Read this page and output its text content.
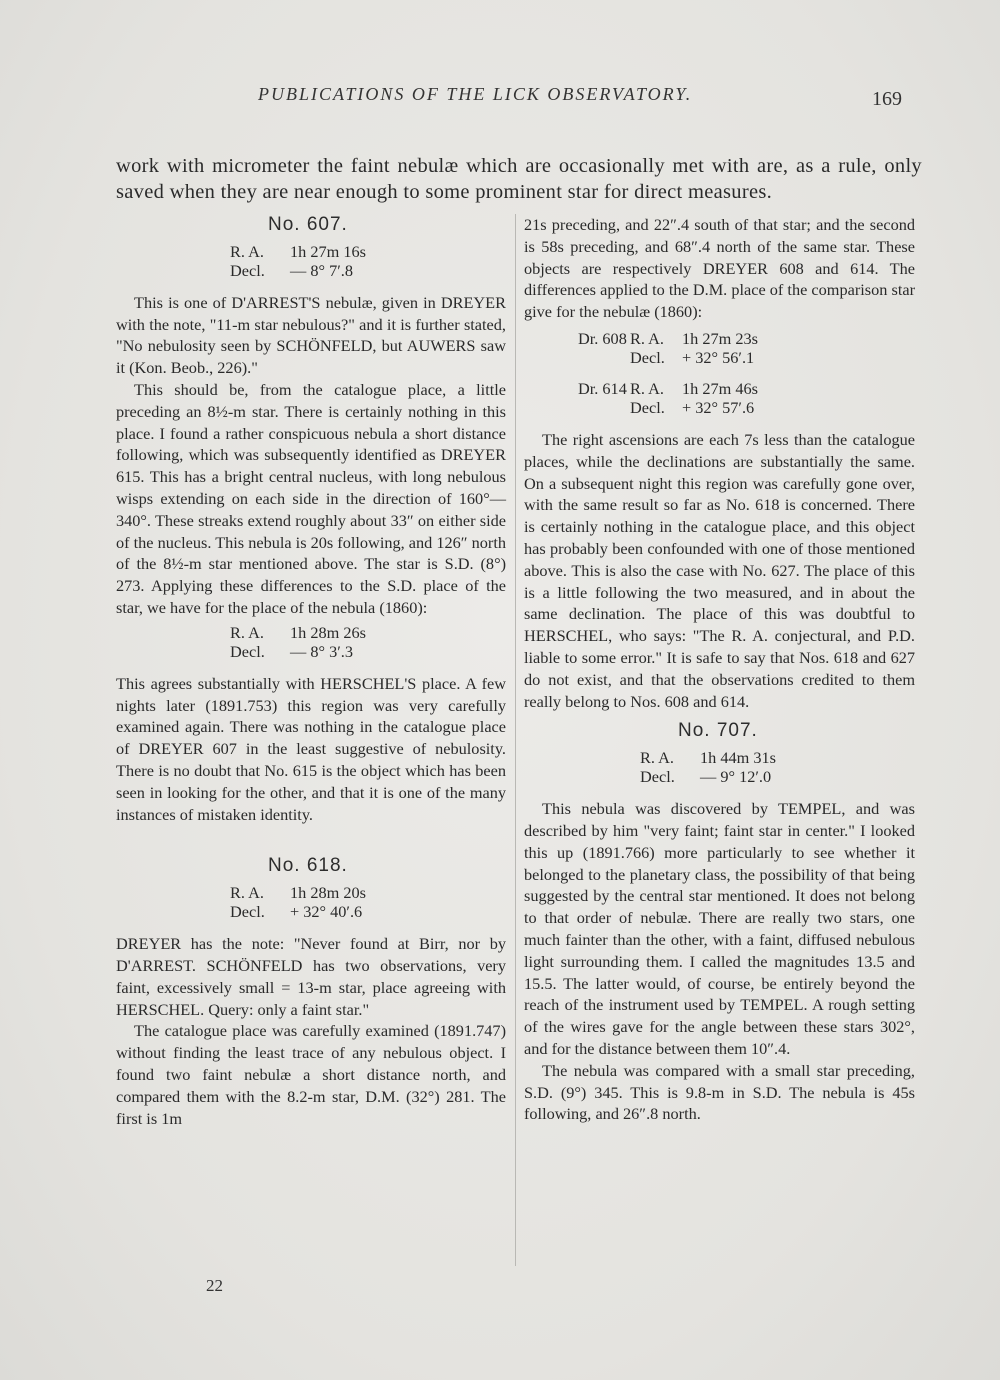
PUBLICATIONS OF THE LICK OBSERVATORY.	169

work with micrometer the faint nebulæ which are occasionally met with are, as a rule, only saved when they are near enough to some prominent star for direct measures.

No. 607.
R. A.	1h 27m 16s
Decl.	— 8° 7′.8

This is one of D'ARREST'S nebulæ, given in DREYER with the note, "11-m star nebulous?" and it is further stated, "No nebulosity seen by SCHÖNFELD, but AUWERS saw it (Kon. Beob., 226)."

This should be, from the catalogue place, a little preceding an 8½-m star. There is certainly nothing in this place. I found a rather conspicuous nebula a short distance following, which was subsequently identified as DREYER 615. This has a bright central nucleus, with long nebulous wisps extending on each side in the direction of 160°—340°. These streaks extend roughly about 33″ on either side of the nucleus. This nebula is 20s following, and 126″ north of the 8½-m star mentioned above. The star is S.D. (8°) 273. Applying these differences to the S.D. place of the star, we have for the place of the nebula (1860):

R. A.	1h 28m 26s
Decl.	— 8° 3′.3

This agrees substantially with HERSCHEL'S place. A few nights later (1891.753) this region was very carefully examined again. There was nothing in the catalogue place of DREYER 607 in the least suggestive of nebulosity. There is no doubt that No. 615 is the object which has been seen in looking for the other, and that it is one of the many instances of mistaken identity.

No. 618.
R. A.	1h 28m 20s
Decl.	+ 32° 40′.6

DREYER has the note: "Never found at Birr, nor by D'ARREST. SCHÖNFELD has two observations, very faint, excessively small = 13-m star, place agreeing with HERSCHEL. Query: only a faint star."

The catalogue place was carefully examined (1891.747) without finding the least trace of any nebulous object. I found two faint nebulæ a short distance north, and compared them with the 8.2-m star, D.M. (32°) 281. The first is 1m

21s preceding, and 22″.4 south of that star; and the second is 58s preceding, and 68″.4 north of the same star. These objects are respectively DREYER 608 and 614. The differences applied to the D.M. place of the comparison star give for the nebulæ (1860):

Dr. 608 R. A.	1h 27m 23s
Decl.	+ 32° 56′.1
Dr. 614 R. A.	1h 27m 46s
Decl.	+ 32° 57′.6

The right ascensions are each 7s less than the catalogue places, while the declinations are substantially the same. On a subsequent night this region was carefully gone over, with the same result so far as No. 618 is concerned. There is certainly nothing in the catalogue place, and this object has probably been confounded with one of those mentioned above. This is also the case with No. 627. The place of this is a little following the two measured, and in about the same declination. The place of this was doubtful to HERSCHEL, who says: "The R. A. conjectural, and P.D. liable to some error." It is safe to say that Nos. 618 and 627 do not exist, and that the observations credited to them really belong to Nos. 608 and 614.

No. 707.
R. A.	1h 44m 31s
Decl.	— 9° 12′.0

This nebula was discovered by TEMPEL, and was described by him "very faint; faint star in center." I looked this up (1891.766) more particularly to see whether it belonged to the planetary class, the possibility of that being suggested by the central star mentioned. It does not belong to that order of nebulæ. There are really two stars, one much fainter than the other, with a faint, diffused nebulous light surrounding them. I called the magnitudes 13.5 and 15.5. The latter would, of course, be entirely beyond the reach of the instrument used by TEMPEL. A rough setting of the wires gave for the angle between these stars 302°, and for the distance between them 10″.4.

The nebula was compared with a small star preceding, S.D. (9°) 345. This is 9.8-m in S.D. The nebula is 45s following, and 26″.8 north.

22
